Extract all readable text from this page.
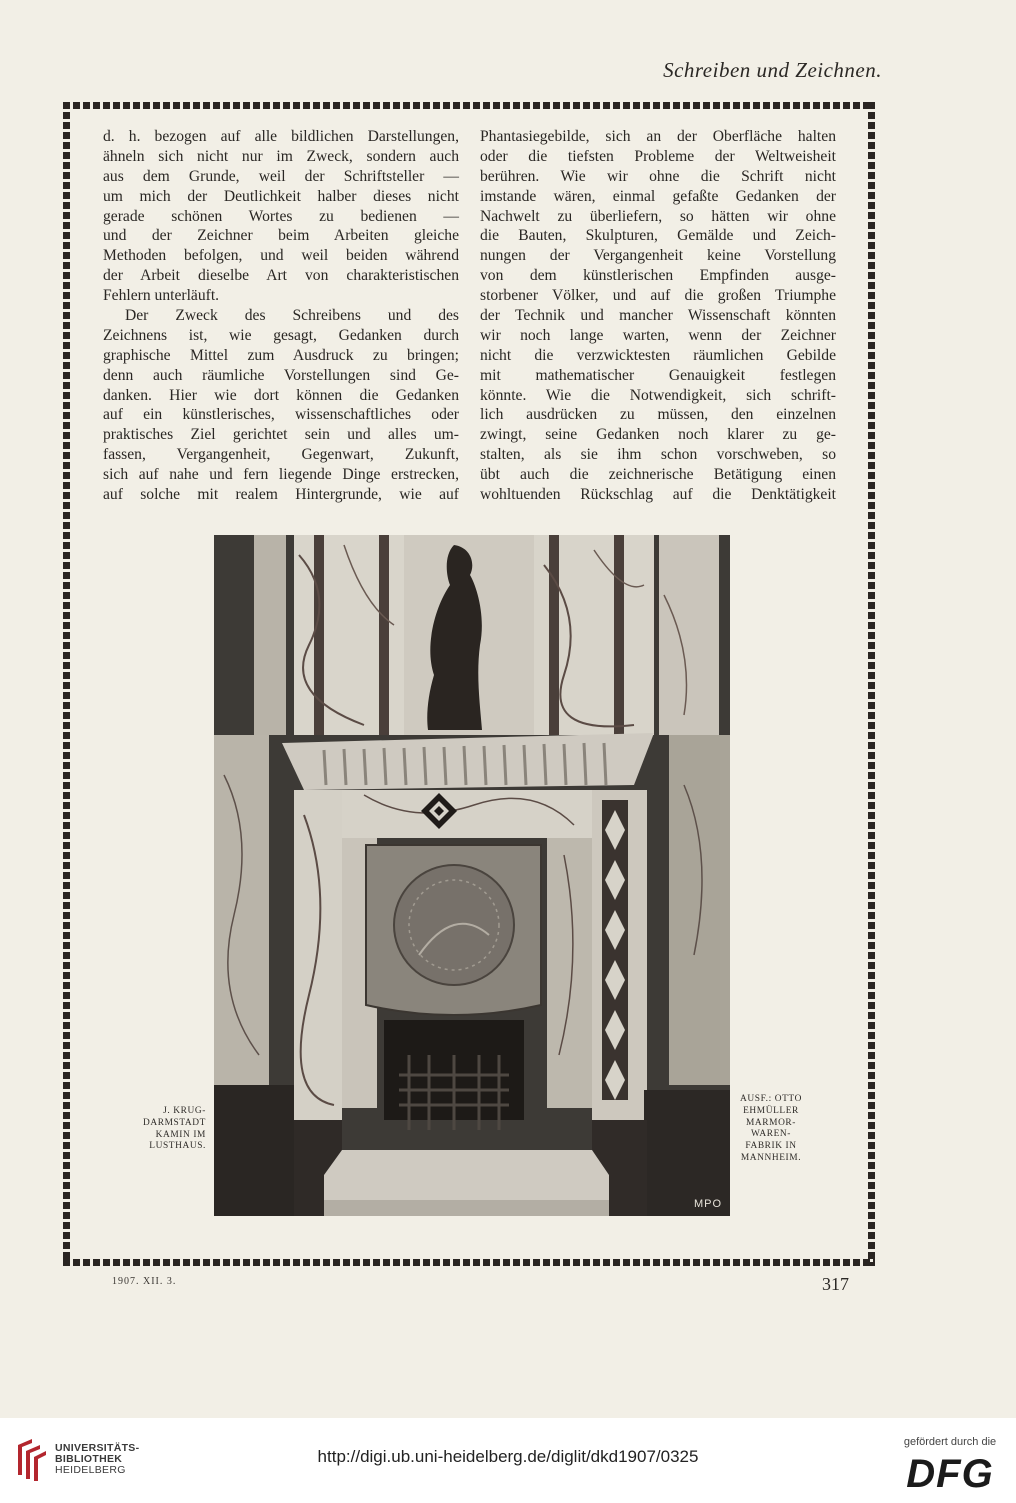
Schreiben und Zeichnen.
d. h. bezogen auf alle bildlichen Darstellungen,
ähneln sich nicht nur im Zweck, sondern auch
aus dem Grunde, weil der Schriftsteller —
um mich der Deutlichkeit halber dieses nicht
gerade schönen Wortes zu bedienen —
und der Zeichner beim Arbeiten gleiche
Methoden befolgen, und weil beiden während
der Arbeit dieselbe Art von charakteristischen
Fehlern unterläuft.
Der Zweck des Schreibens und des
Zeichnens ist, wie gesagt, Gedanken durch
graphische Mittel zum Ausdruck zu bringen;
denn auch räumliche Vorstellungen sind Ge-
danken. Hier wie dort können die Gedanken
auf ein künstlerisches, wissenschaftliches oder
praktisches Ziel gerichtet sein und alles um-
fassen, Vergangenheit, Gegenwart, Zukunft,
sich auf nahe und fern liegende Dinge erstrecken,
auf solche mit realem Hintergrunde, wie auf
Phantasiegebilde, sich an der Oberfläche halten
oder die tiefsten Probleme der Weltweisheit
berühren. Wie wir ohne die Schrift nicht
imstande wären, einmal gefaßte Gedanken der
Nachwelt zu überliefern, so hätten wir ohne
die Bauten, Skulpturen, Gemälde und Zeich-
nungen der Vergangenheit keine Vorstellung
von dem künstlerischen Empfinden ausge-
storbener Völker, und auf die großen Triumphe
der Technik und mancher Wissenschaft könnten
wir noch lange warten, wenn der Zeichner
nicht die verzwicktesten räumlichen Gebilde
mit mathematischer Genauigkeit festlegen
könnte. Wie die Notwendigkeit, sich schrift-
lich ausdrücken zu müssen, den einzelnen
zwingt, seine Gedanken noch klarer zu ge-
stalten, als sie ihm schon vorschweben, so
übt auch die zeichnerische Betätigung einen
wohltuenden Rückschlag auf die Denktätigkeit
MPO
J. KRUG-
DARMSTADT
KAMIN IM
LUSTHAUS.
AUSF.: OTTO
EHMÜLLER
MARMOR-
WAREN-
FABRIK IN
MANNHEIM.
1907. XII. 3.	317
UNIVERSITÄTS-
BIBLIOTHEK
HEIDELBERG
http://digi.ub.uni-heidelberg.de/diglit/dkd1907/0325
gefördert durch die
DFG
